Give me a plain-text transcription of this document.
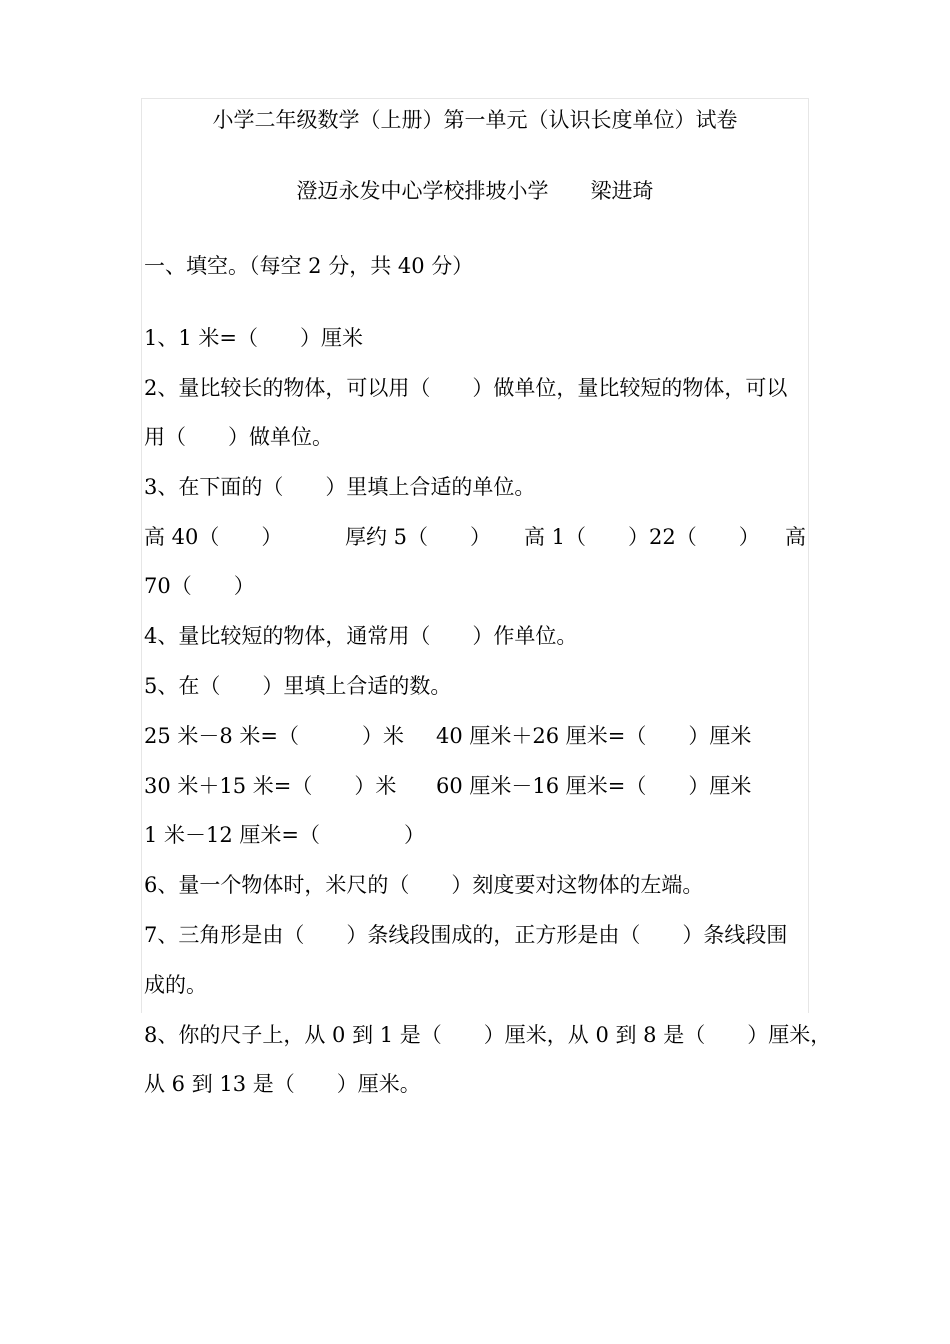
小学二年级数学（上册）第一单元（认识长度单位）试卷
澄迈永发中心学校排坡小学　　梁进琦
一、填空。（每空 2 分，共 40 分）
1、1 米=（　　）厘米
2、量比较长的物体，可以用（　　）做单位，量比较短的物体，可以
用（　　）做单位。
3、在下面的（　　）里填上合适的单位。
高 40（　　）	厚约 5（　　） 高 1（　　）22（　　） 高
70（　　）
4、量比较短的物体，通常用（　　）作单位。
5、在（　　）里填上合适的数。
25 米－8 米=（　　　）米 40 厘米＋26 厘米=（　　）厘米
30 米＋15 米=（　　）米 60 厘米－16 厘米=（　　）厘米
1 米－12 厘米=（　　　　）
6、量一个物体时，米尺的（　　）刻度要对这物体的左端。
7、三角形是由（　　）条线段围成的，正方形是由（　　）条线段围
成的。
8、你的尺子上，从 0 到 1 是（　　）厘米，从 0 到 8 是（　　）厘米，
从 6 到 13 是（　　）厘米。
